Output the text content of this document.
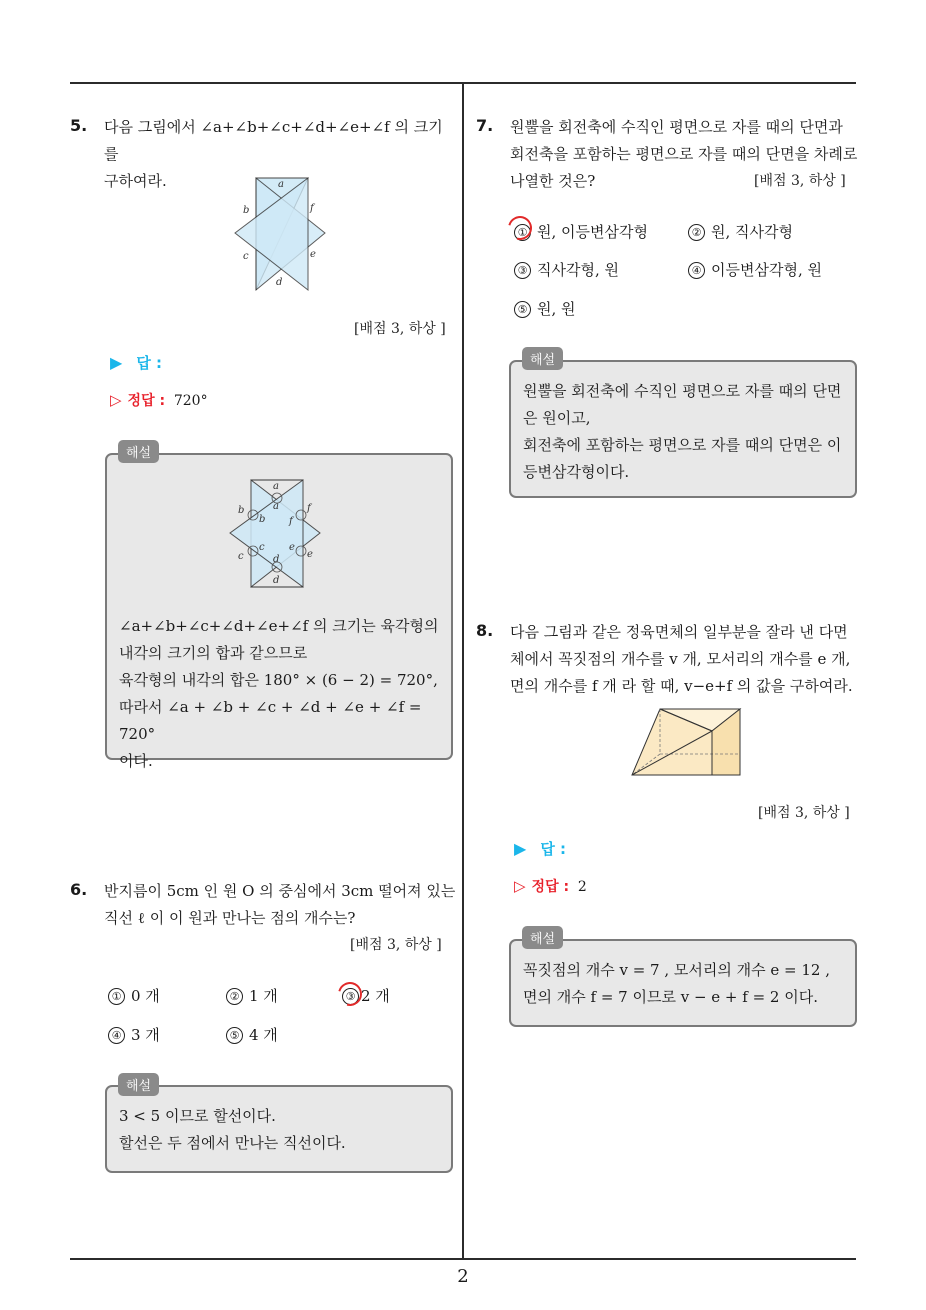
5. 다음 그림에서 ∠a+∠b+∠c+∠d+∠e+∠f 의 크기를
구하여라.	a
b
c
d
e
f
[배점 3, 하상 ]
▶ 답 :
▷ 정답 : 720°
a
a
b
b
c
c
d
d
e
e
f
f
∠a+∠b+∠c+∠d+∠e+∠f 의 크기는 육각형의
내각의 크기의 합과 같으므로
육각형의 내각의 합은 180° × (6 − 2) = 720°,
따라서 ∠a + ∠b + ∠c + ∠d + ∠e + ∠f = 720°
이다.
해설
6. 반지름이 5cm 인 원 O 의 중심에서 3cm 떨어져 있는
직선 ℓ 이 이 원과 만나는 점의 개수는?
[배점 3, 하상 ]
① 0 개	② 1 개	③ 2 개
④ 3 개	⑤ 4 개
3 < 5 이므로 할선이다.
할선은 두 점에서 만나는 직선이다.
해설
7. 원뿔을 회전축에 수직인 평면으로 자를 때의 단면과
회전축을 포함하는 평면으로 자를 때의 단면을 차례로
나열한 것은?	[배점 3, 하상 ]
① 원, 이등변삼각형	② 원, 직사각형
③ 직사각형, 원	④ 이등변삼각형, 원
⑤ 원, 원
원뿔을 회전축에 수직인 평면으로 자를 때의 단면
은 원이고,
회전축에 포함하는 평면으로 자를 때의 단면은 이
등변삼각형이다.
해설
8. 다음 그림과 같은 정육면체의 일부분을 잘라 낸 다면
체에서 꼭짓점의 개수를 v 개, 모서리의 개수를 e 개,
면의 개수를 f 개 라 할 때, v−e+f 의 값을 구하여라.
[배점 3, 하상 ]
▶ 답 :
▷ 정답 : 2
꼭짓점의 개수 v = 7 , 모서리의 개수 e = 12 ,
면의 개수 f = 7 이므로 v − e + f = 2 이다.
해설
2
